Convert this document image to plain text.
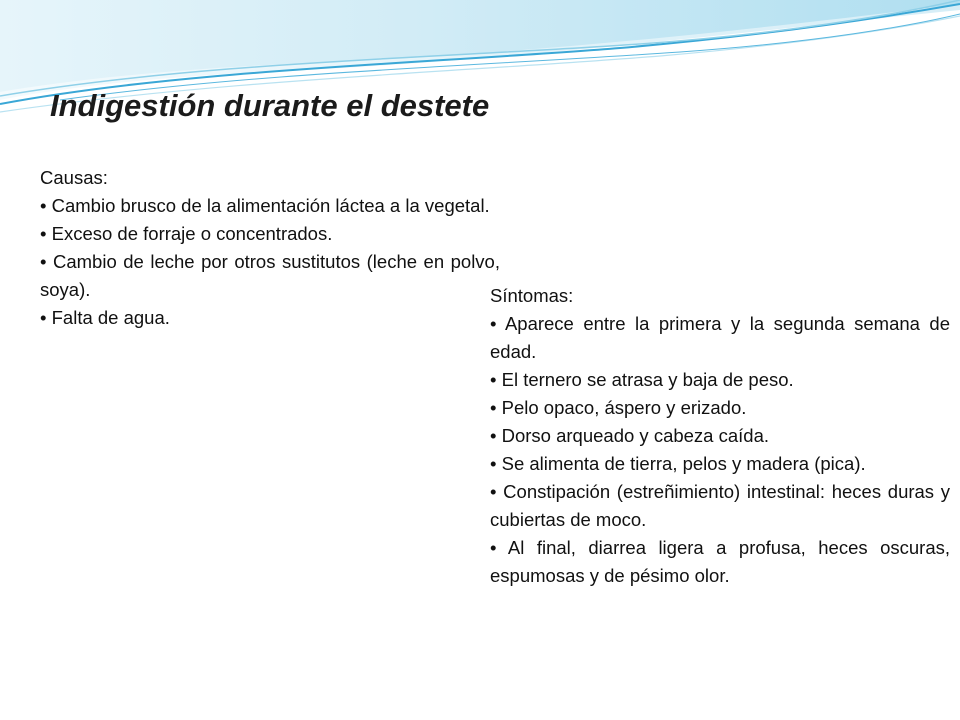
Indigestión durante el destete

Causas:

• Cambio brusco de la alimentación láctea a la vegetal.

• Exceso de forraje o concentrados.

• Cambio de leche por otros sustitutos (leche en polvo, soya).

• Falta de agua.

Síntomas:

• Aparece entre la primera y la segunda semana de edad.

• El ternero se atrasa y baja de peso.

• Pelo opaco, áspero y erizado.

• Dorso arqueado y cabeza caída.

• Se alimenta de tierra, pelos y madera (pica).

• Constipación (estreñimiento) intestinal: heces duras y cubiertas de moco.

• Al final, diarrea ligera a profusa, heces oscuras, espumosas y de pésimo olor.
